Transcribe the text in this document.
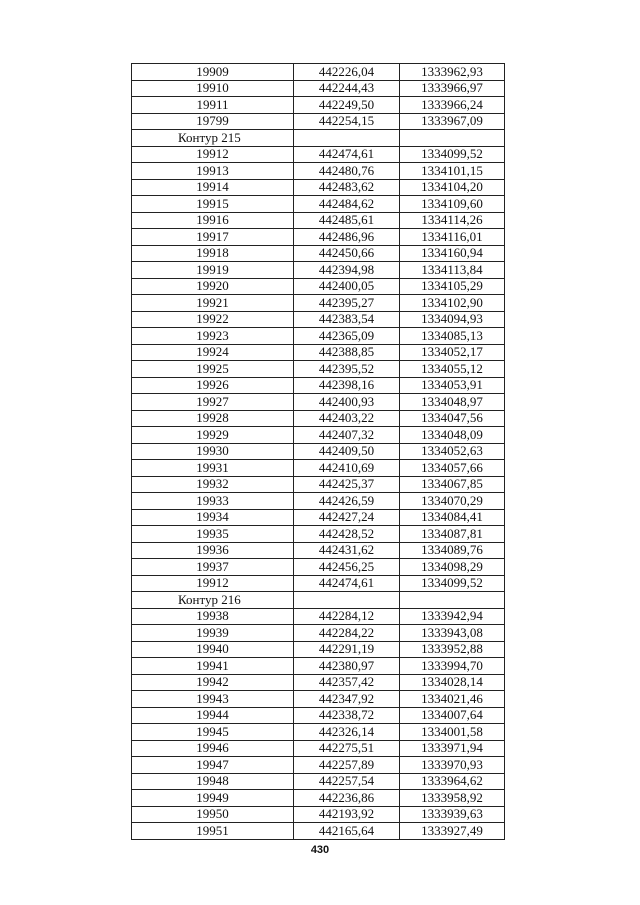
19909	442226,04	1333962,93
19910	442244,43	1333966,97
19911	442249,50	1333966,24
19799	442254,15	1333967,09
Контур 215		
19912	442474,61	1334099,52
19913	442480,76	1334101,15
19914	442483,62	1334104,20
19915	442484,62	1334109,60
19916	442485,61	1334114,26
19917	442486,96	1334116,01
19918	442450,66	1334160,94
19919	442394,98	1334113,84
19920	442400,05	1334105,29
19921	442395,27	1334102,90
19922	442383,54	1334094,93
19923	442365,09	1334085,13
19924	442388,85	1334052,17
19925	442395,52	1334055,12
19926	442398,16	1334053,91
19927	442400,93	1334048,97
19928	442403,22	1334047,56
19929	442407,32	1334048,09
19930	442409,50	1334052,63
19931	442410,69	1334057,66
19932	442425,37	1334067,85
19933	442426,59	1334070,29
19934	442427,24	1334084,41
19935	442428,52	1334087,81
19936	442431,62	1334089,76
19937	442456,25	1334098,29
19912	442474,61	1334099,52
Контур 216		
19938	442284,12	1333942,94
19939	442284,22	1333943,08
19940	442291,19	1333952,88
19941	442380,97	1333994,70
19942	442357,42	1334028,14
19943	442347,92	1334021,46
19944	442338,72	1334007,64
19945	442326,14	1334001,58
19946	442275,51	1333971,94
19947	442257,89	1333970,93
19948	442257,54	1333964,62
19949	442236,86	1333958,92
19950	442193,92	1333939,63
19951	442165,64	1333927,49
430
